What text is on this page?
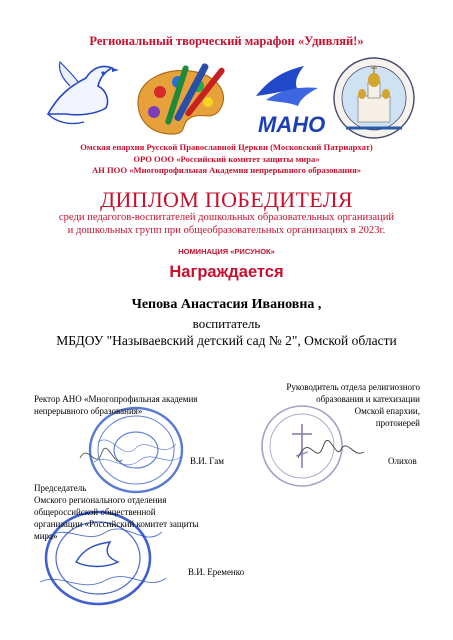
Региональный творческий марафон «Удивляй!»
МАНО
Омская епархия Русской Православной Церкви (Московский Патриархат)
ОРО ООО «Российский комитет защиты мира»
АН ПОО «Многопрофильная Академия непрерывного образования»
ДИПЛОМ ПОБЕДИТЕЛЯ
среди педагогов-воспитателей дошкольных образовательных организаций
и дошкольных групп при общеобразовательных организациях в 2023г.
НОМИНАЦИЯ «РИСУНОК»
Награждается
Чепова Анастасия Ивановна ,
воспитатель
МБДОУ "Называевский детский сад № 2", Омской области
Ректор АНО «Многопрофильная академия
непрерывного образования»
В.И. Гам
Руководитель отдела религиозного
образования и катехизации
Омской епархии,
протоиерей
Олихов
Председатель
Омского регионального отделения
общероссийской общественной
организации «Российский комитет защиты
мира»
В.И. Еременко
